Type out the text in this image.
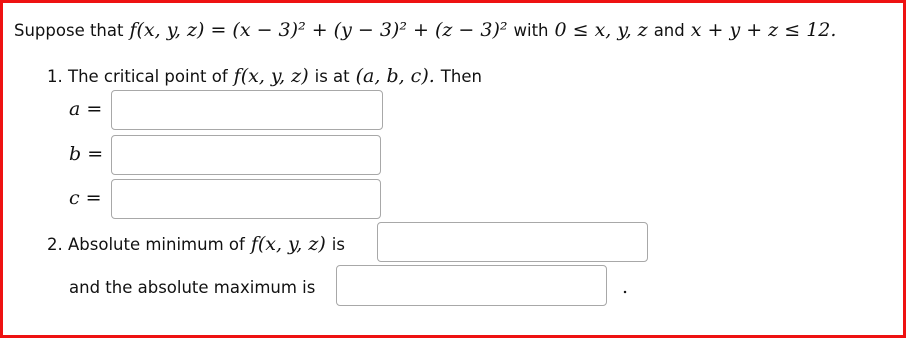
Suppose that f(x, y, z) = (x − 3)² + (y − 3)² + (z − 3)² with 0 ≤ x, y, z and x + y + z ≤ 12.
1. The critical point of f(x, y, z) is at (a, b, c). Then
a =
b =
c =
2. Absolute minimum of f(x, y, z) is
and the absolute maximum is	.
